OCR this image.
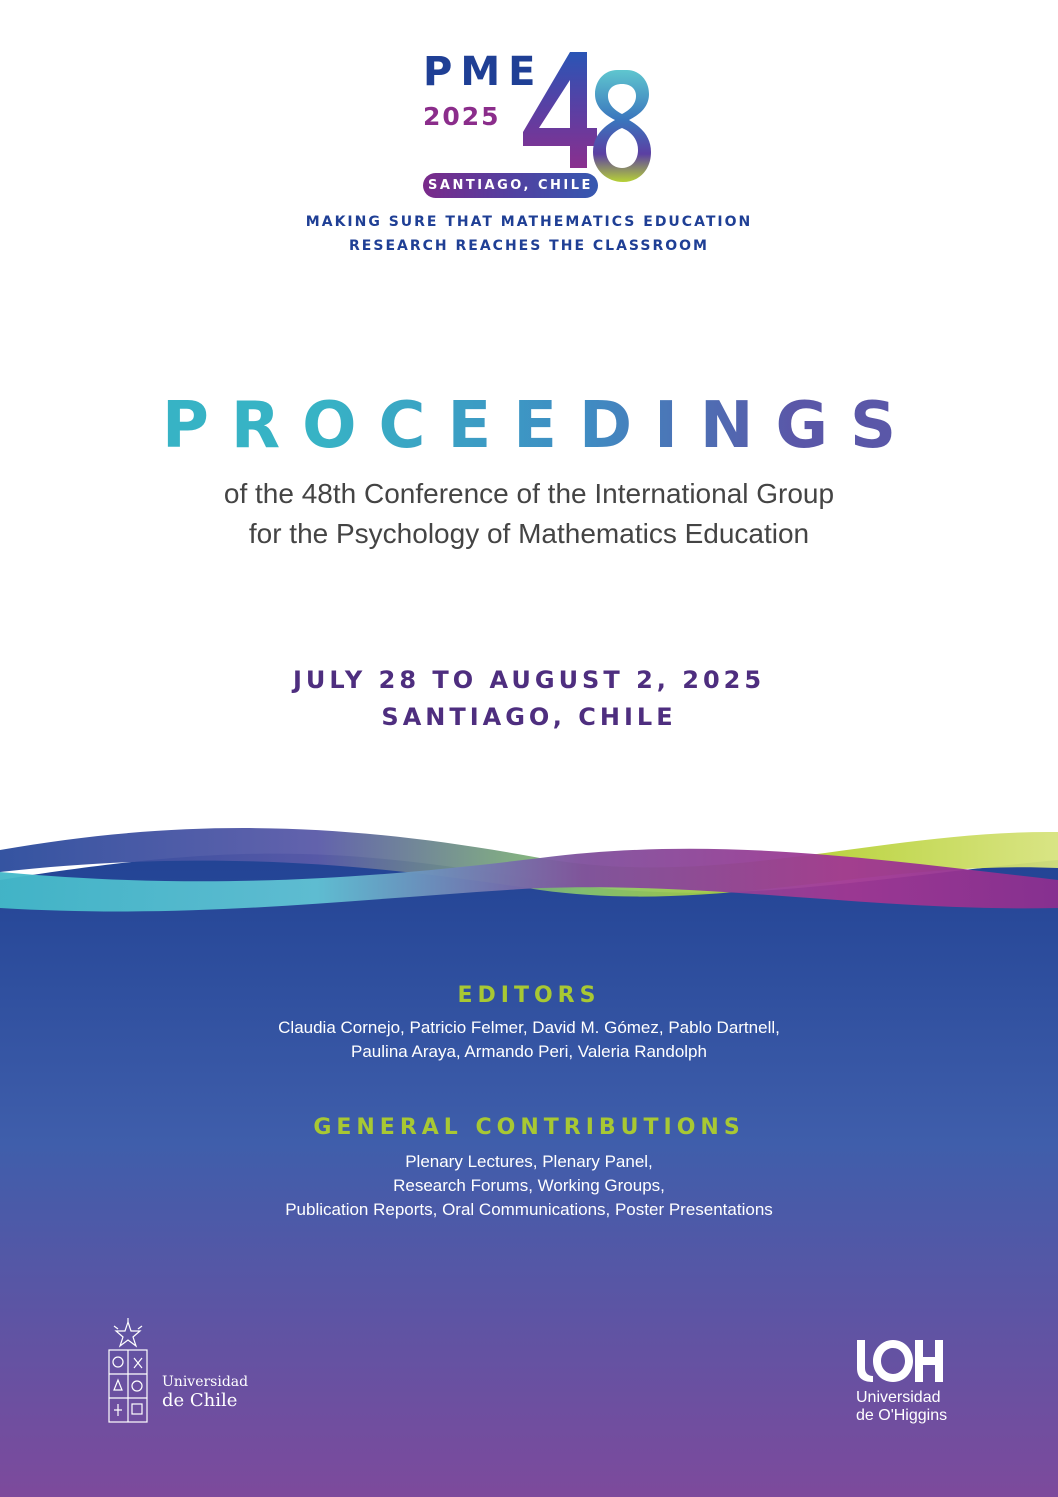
PME
2025
SANTIAGO, CHILE
MAKING SURE THAT MATHEMATICS EDUCATION
RESEARCH REACHES THE CLASSROOM
PROCEEDINGS
of the 48th Conference of the International Group
for the Psychology of Mathematics Education
JULY 28 TO AUGUST 2, 2025
SANTIAGO, CHILE
EDITORS
Claudia Cornejo, Patricio Felmer, David M. Gómez, Pablo Dartnell,
Paulina Araya, Armando Peri, Valeria Randolph
GENERAL CONTRIBUTIONS
Plenary Lectures, Plenary Panel,
Research Forums, Working Groups,
Publication Reports, Oral Communications, Poster Presentations
Universidad
de Chile	Universidad
de O'Higgins
